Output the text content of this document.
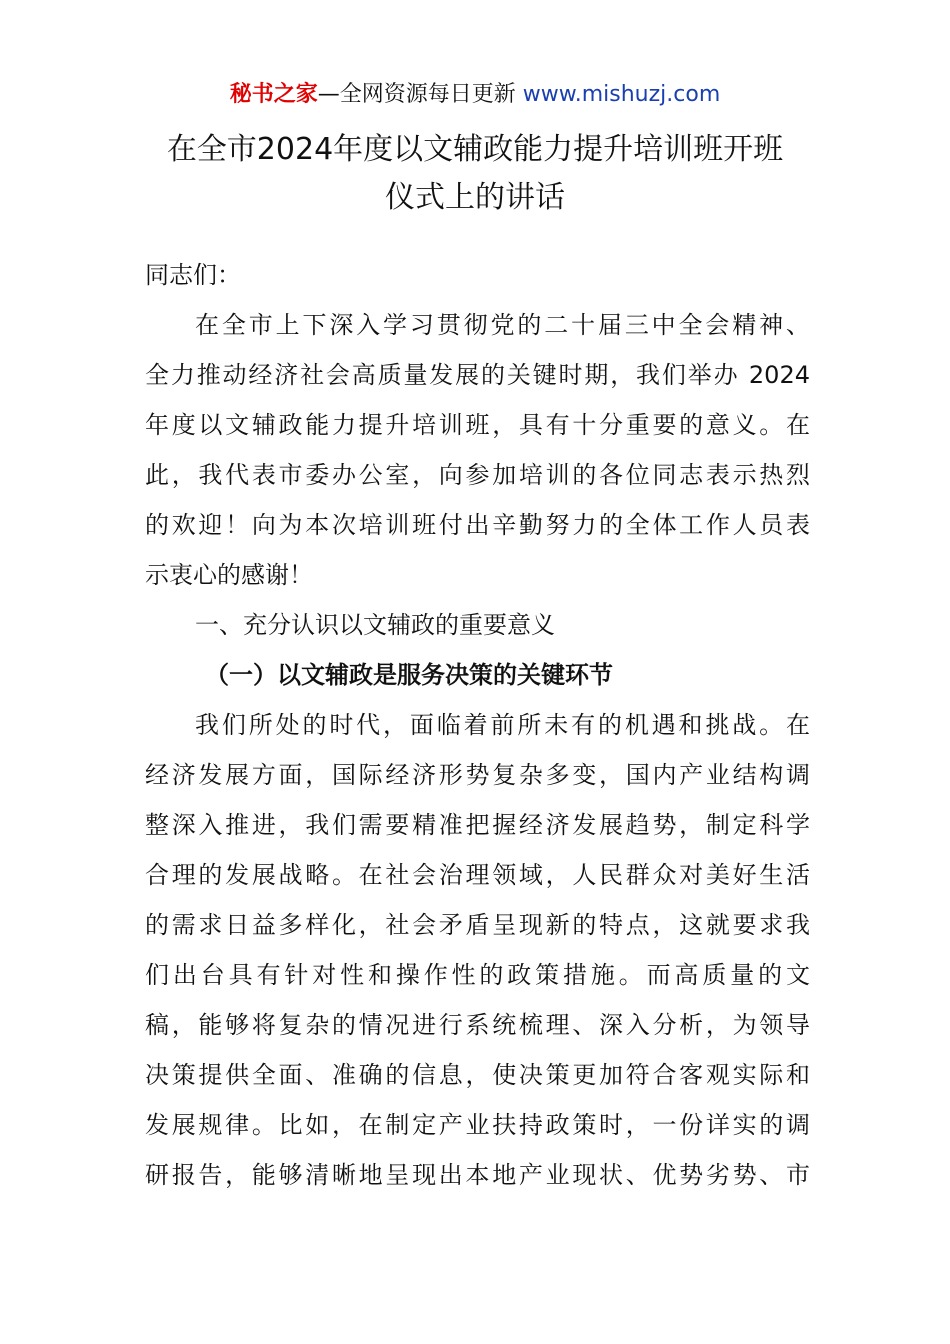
秘书之家—全网资源每日更新 www.mishuzj.com
在全市2024年度以文辅政能力提升培训班开班
仪式上的讲话
同志们：
在全市上下深入学习贯彻党的二十届三中全会精神、
全力推动经济社会高质量发展的关键时期，我们举办 2024
年度以文辅政能力提升培训班，具有十分重要的意义。在
此，我代表市委办公室，向参加培训的各位同志表示热烈
的欢迎！向为本次培训班付出辛勤努力的全体工作人员表
示衷心的感谢！
一、充分认识以文辅政的重要意义
（一）以文辅政是服务决策的关键环节
我们所处的时代，面临着前所未有的机遇和挑战。在
经济发展方面，国际经济形势复杂多变，国内产业结构调
整深入推进，我们需要精准把握经济发展趋势，制定科学
合理的发展战略。在社会治理领域，人民群众对美好生活
的需求日益多样化，社会矛盾呈现新的特点，这就要求我
们出台具有针对性和操作性的政策措施。而高质量的文
稿，能够将复杂的情况进行系统梳理、深入分析，为领导
决策提供全面、准确的信息，使决策更加符合客观实际和
发展规律。比如，在制定产业扶持政策时，一份详实的调
研报告，能够清晰地呈现出本地产业现状、优势劣势、市
